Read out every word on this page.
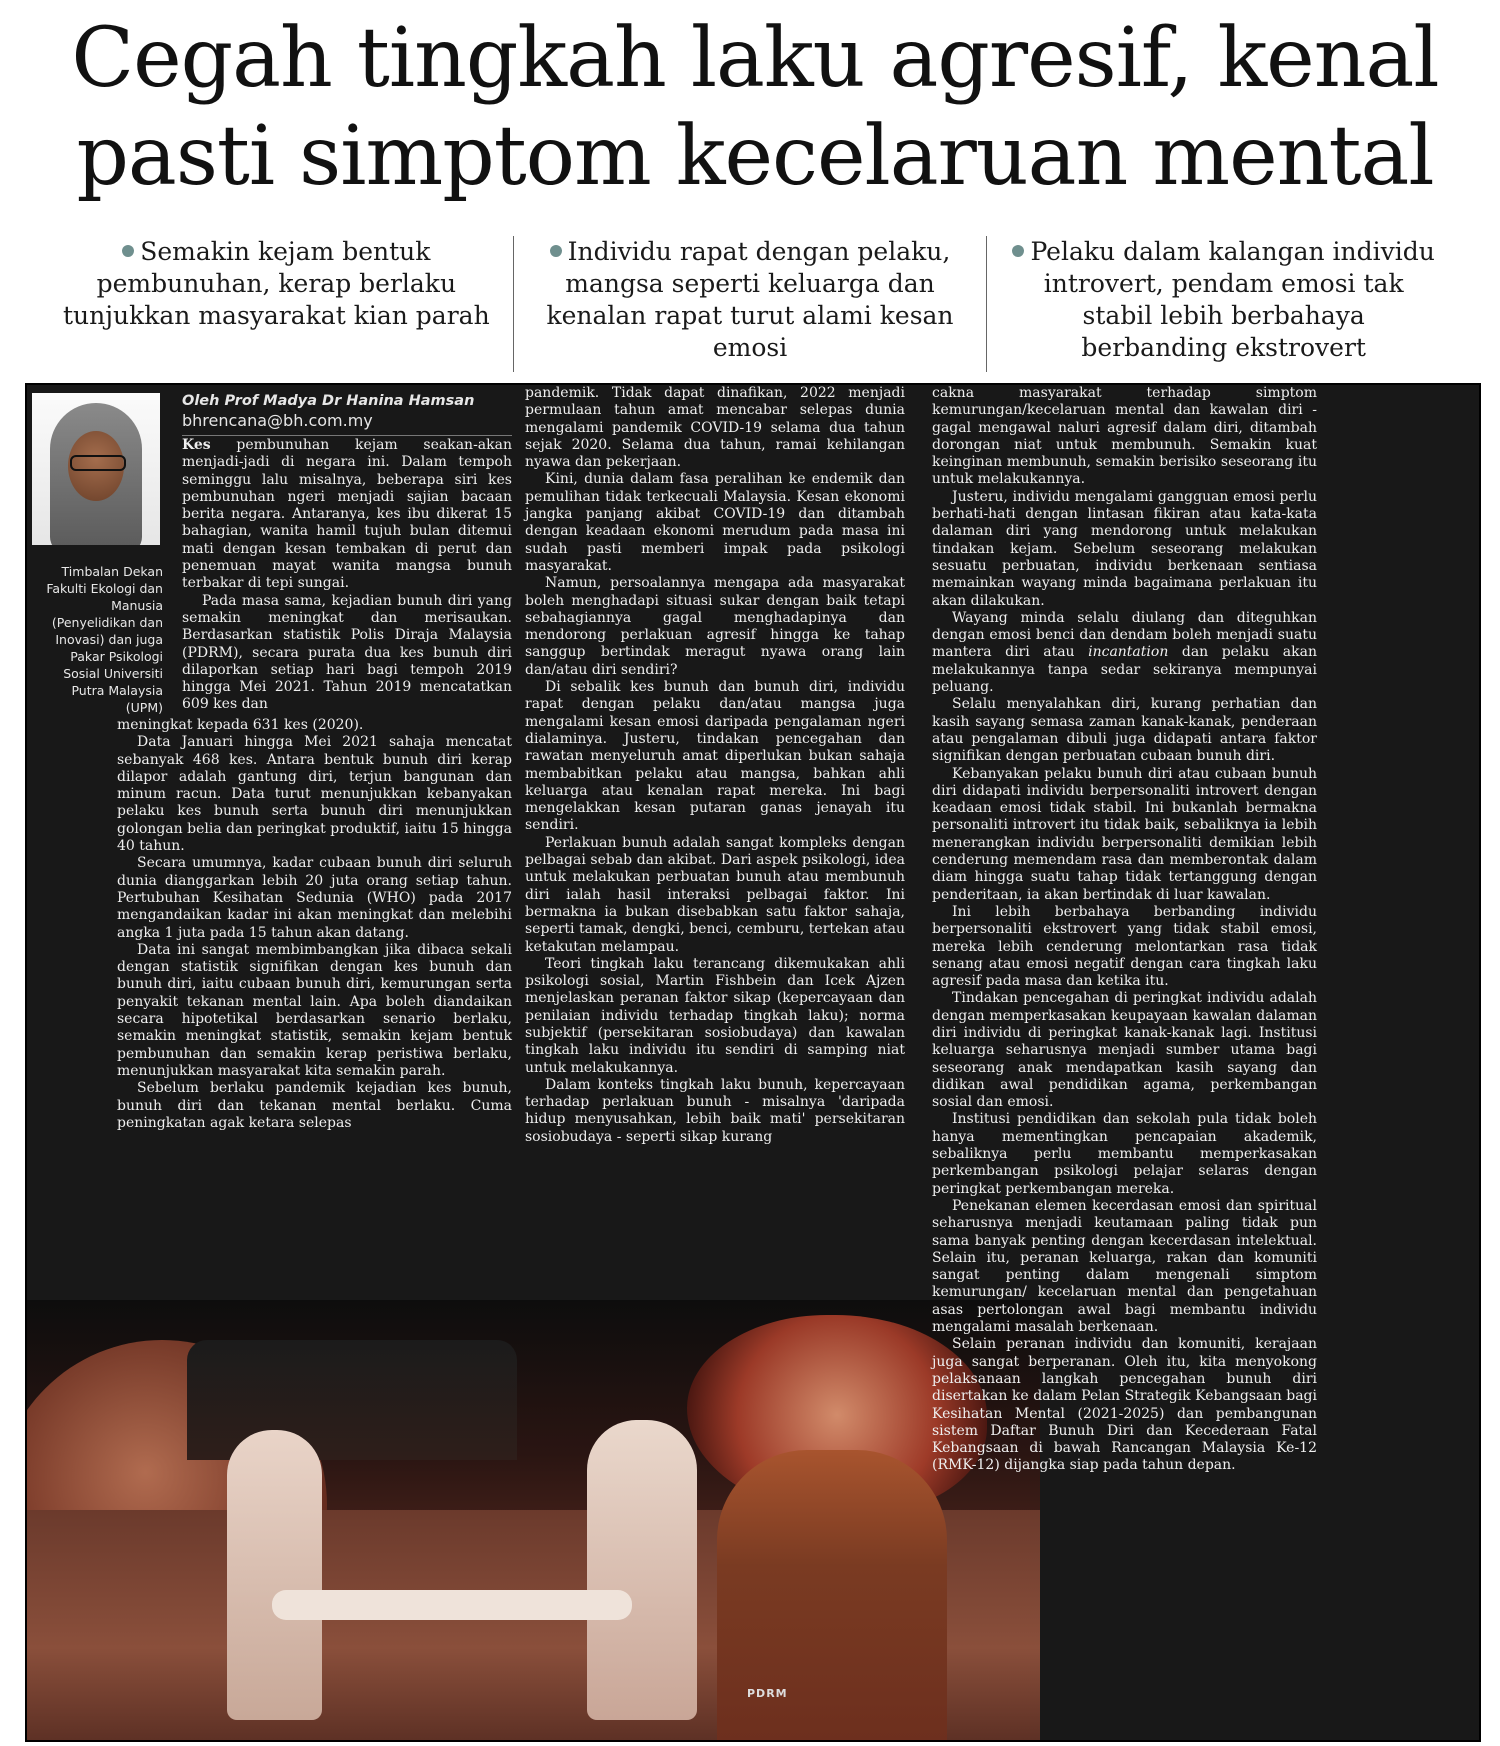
Cegah tingkah laku agresif, kenal pasti simptom kecelaruan mental
Semakin kejam bentuk pembunuhan, kerap berlaku tunjukkan masyarakat kian parah
Individu rapat dengan pelaku, mangsa seperti keluarga dan kenalan rapat turut alami kesan emosi
Pelaku dalam kalangan individu introvert, pendam emosi tak stabil lebih berbahaya berbanding ekstrovert
PDRM
Timbalan Dekan Fakulti Ekologi dan Manusia (Penyelidikan dan Inovasi) dan juga Pakar Psikologi Sosial Universiti Putra Malaysia (UPM)
Oleh Prof Madya Dr Hanina Hamsan
bhrencana@bh.com.my

Kes pembunuhan kejam seakan-akan menjadi-jadi di negara ini. Dalam tempoh seminggu lalu misalnya, beberapa siri kes pembunuhan ngeri menjadi sajian bacaan berita negara. Antaranya, kes ibu dikerat 15 bahagian, wanita hamil tujuh bulan ditemui mati dengan kesan tembakan di perut dan penemuan mayat wanita mangsa bunuh terbakar di tepi sungai.

Pada masa sama, kejadian bunuh diri yang semakin meningkat dan merisaukan. Berdasarkan statistik Polis Diraja Malaysia (PDRM), secara purata dua kes bunuh diri dilaporkan setiap hari bagi tempoh 2019 hingga Mei 2021. Tahun 2019 mencatatkan 609 kes dan

meningkat kepada 631 kes (2020).

Data Januari hingga Mei 2021 sahaja mencatat sebanyak 468 kes. Antara bentuk bunuh diri kerap dilapor adalah gantung diri, terjun bangunan dan minum racun. Data turut menunjukkan kebanyakan pelaku kes bunuh serta bunuh diri menunjukkan golongan belia dan peringkat produktif, iaitu 15 hingga 40 tahun.

Secara umumnya, kadar cubaan bunuh diri seluruh dunia dianggarkan lebih 20 juta orang setiap tahun. Pertubuhan Kesihatan Sedunia (WHO) pada 2017 mengandaikan kadar ini akan meningkat dan melebihi angka 1 juta pada 15 tahun akan datang.

Data ini sangat membimbangkan jika dibaca sekali dengan statistik signifikan dengan kes bunuh dan bunuh diri, iaitu cubaan bunuh diri, kemurungan serta penyakit tekanan mental lain. Apa boleh diandaikan secara hipotetikal berdasarkan senario berlaku, semakin meningkat statistik, semakin kejam bentuk pembunuhan dan semakin kerap peristiwa berlaku, menunjukkan masyarakat kita semakin parah.

Sebelum berlaku pandemik kejadian kes bunuh, bunuh diri dan tekanan mental berlaku. Cuma peningkatan agak ketara selepas

pandemik. Tidak dapat dinafikan, 2022 menjadi permulaan tahun amat mencabar selepas dunia mengalami pandemik COVID-19 selama dua tahun sejak 2020. Selama dua tahun, ramai kehilangan nyawa dan pekerjaan.

Kini, dunia dalam fasa peralihan ke endemik dan pemulihan tidak terkecuali Malaysia. Kesan ekonomi jangka panjang akibat COVID-19 dan ditambah dengan keadaan ekonomi merudum pada masa ini sudah pasti memberi impak pada psikologi masyarakat.

Namun, persoalannya mengapa ada masyarakat boleh menghadapi situasi sukar dengan baik tetapi sebahagiannya gagal menghadapinya dan mendorong perlakuan agresif hingga ke tahap sanggup bertindak meragut nyawa orang lain dan/atau diri sendiri?

Di sebalik kes bunuh dan bunuh diri, individu rapat dengan pelaku dan/atau mangsa juga mengalami kesan emosi daripada pengalaman ngeri dialaminya. Justeru, tindakan pencegahan dan rawatan menyeluruh amat diperlukan bukan sahaja membabitkan pelaku atau mangsa, bahkan ahli keluarga atau kenalan rapat mereka. Ini bagi mengelakkan kesan putaran ganas jenayah itu sendiri.

Perlakuan bunuh adalah sangat kompleks dengan pelbagai sebab dan akibat. Dari aspek psikologi, idea untuk melakukan perbuatan bunuh atau membunuh diri ialah hasil interaksi pelbagai faktor. Ini bermakna ia bukan disebabkan satu faktor sahaja, seperti tamak, dengki, benci, cemburu, tertekan atau ketakutan melampau.

Teori tingkah laku terancang dikemukakan ahli psikologi sosial, Martin Fishbein dan Icek Ajzen menjelaskan peranan faktor sikap (kepercayaan dan penilaian individu terhadap tingkah laku); norma subjektif (persekitaran sosiobudaya) dan kawalan tingkah laku individu itu sendiri di samping niat untuk melakukannya.

Dalam konteks tingkah laku bunuh, kepercayaan terhadap perlakuan bunuh - misalnya 'daripada hidup menyusahkan, lebih baik mati' persekitaran sosiobudaya - seperti sikap kurang

cakna masyarakat terhadap simptom kemurungan/kecelaruan mental dan kawalan diri - gagal mengawal naluri agresif dalam diri, ditambah dorongan niat untuk membunuh. Semakin kuat keinginan membunuh, semakin berisiko seseorang itu untuk melakukannya.

Justeru, individu mengalami gangguan emosi perlu berhati-hati dengan lintasan fikiran atau kata-kata dalaman diri yang mendorong untuk melakukan tindakan kejam. Sebelum seseorang melakukan sesuatu perbuatan, individu berkenaan sentiasa memainkan wayang minda bagaimana perlakuan itu akan dilakukan.

Wayang minda selalu diulang dan diteguhkan dengan emosi benci dan dendam boleh menjadi suatu mantera diri atau incantation dan pelaku akan melakukannya tanpa sedar sekiranya mempunyai peluang.

Selalu menyalahkan diri, kurang perhatian dan kasih sayang semasa zaman kanak-kanak, penderaan atau pengalaman dibuli juga didapati antara faktor signifikan dengan perbuatan cubaan bunuh diri.

Kebanyakan pelaku bunuh diri atau cubaan bunuh diri didapati individu berpersonaliti introvert dengan keadaan emosi tidak stabil. Ini bukanlah bermakna personaliti introvert itu tidak baik, sebaliknya ia lebih menerangkan individu berpersonaliti demikian lebih cenderung memendam rasa dan memberontak dalam diam hingga suatu tahap tidak tertanggung dengan penderitaan, ia akan bertindak di luar kawalan.

Ini lebih berbahaya berbanding individu berpersonaliti ekstrovert yang tidak stabil emosi, mereka lebih cenderung melontarkan rasa tidak senang atau emosi negatif dengan cara tingkah laku agresif pada masa dan ketika itu.

Tindakan pencegahan di peringkat individu adalah dengan memperkasakan keupayaan kawalan dalaman diri individu di peringkat kanak-kanak lagi. Institusi keluarga seharusnya menjadi sumber utama bagi seseorang anak mendapatkan kasih sayang dan didikan awal pendidikan agama, perkembangan sosial dan emosi.

Institusi pendidikan dan sekolah pula tidak boleh hanya mementingkan pencapaian akademik, sebaliknya perlu membantu memperkasakan perkembangan psikologi pelajar selaras dengan peringkat perkembangan mereka.

Penekanan elemen kecerdasan emosi dan spiritual seharusnya menjadi keutamaan paling tidak pun sama banyak penting dengan kecerdasan intelektual. Selain itu, peranan keluarga, rakan dan komuniti sangat penting dalam mengenali simptom kemurungan/ kecelaruan mental dan pengetahuan asas pertolongan awal bagi membantu individu mengalami masalah berkenaan.

Selain peranan individu dan komuniti, kerajaan juga sangat berperanan. Oleh itu, kita menyokong pelaksanaan langkah pencegahan bunuh diri disertakan ke dalam Pelan Strategik Kebangsaan bagi Kesihatan Mental (2021-2025) dan pembangunan sistem Daftar Bunuh Diri dan Kecederaan Fatal Kebangsaan di bawah Rancangan Malaysia Ke-12 (RMK-12) dijangka siap pada tahun depan.
